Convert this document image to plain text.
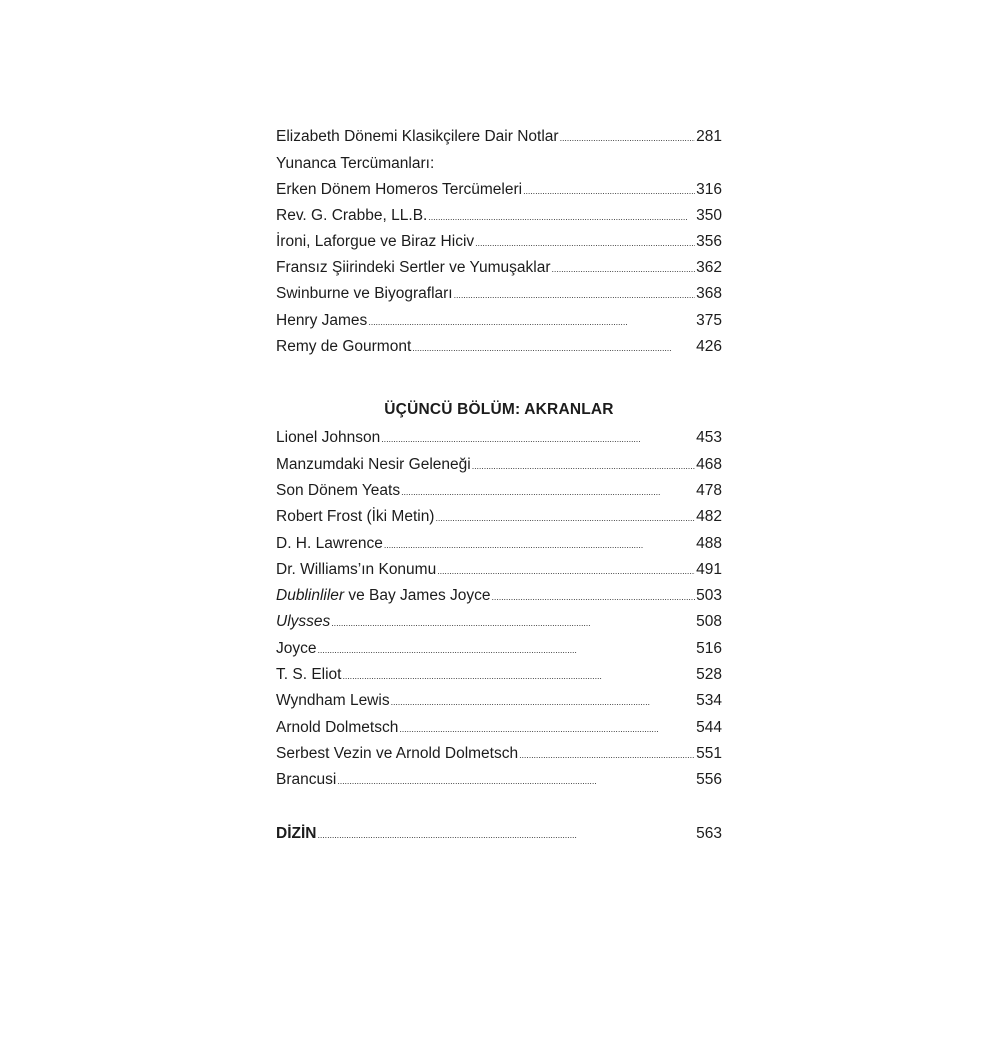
Elizabeth Dönemi Klasikçilere Dair Notlar . . .	281
Yunanca Tercümanları:
Erken Dönem Homeros Tercümeleri . . .	316
Rev. G. Crabbe, LL.B. . . .	350
İroni, Laforgue ve Biraz Hiciv . . .	356
Fransız Şiirindeki Sertler ve Yumuşaklar . . .	362
Swinburne ve Biyografları . . .	368
Henry James . . .	375
Remy de Gourmont . . .	426
ÜÇÜNCÜ BÖLÜM: AKRANLAR
Lionel Johnson . . .	453
Manzumdaki Nesir Geleneği . . .	468
Son Dönem Yeats . . .	478
Robert Frost (İki Metin) . . .	482
D. H. Lawrence . . .	488
Dr. Williams’ın Konumu . . .	491
Dublinliler ve Bay James Joyce . . .	503
Ulysses . . .	508
Joyce . . .	516
T. S. Eliot . . .	528
Wyndham Lewis . . .	534
Arnold Dolmetsch . . .	544
Serbest Vezin ve Arnold Dolmetsch . . .	551
Brancusi . . .	556
DİZİN . . .	563
